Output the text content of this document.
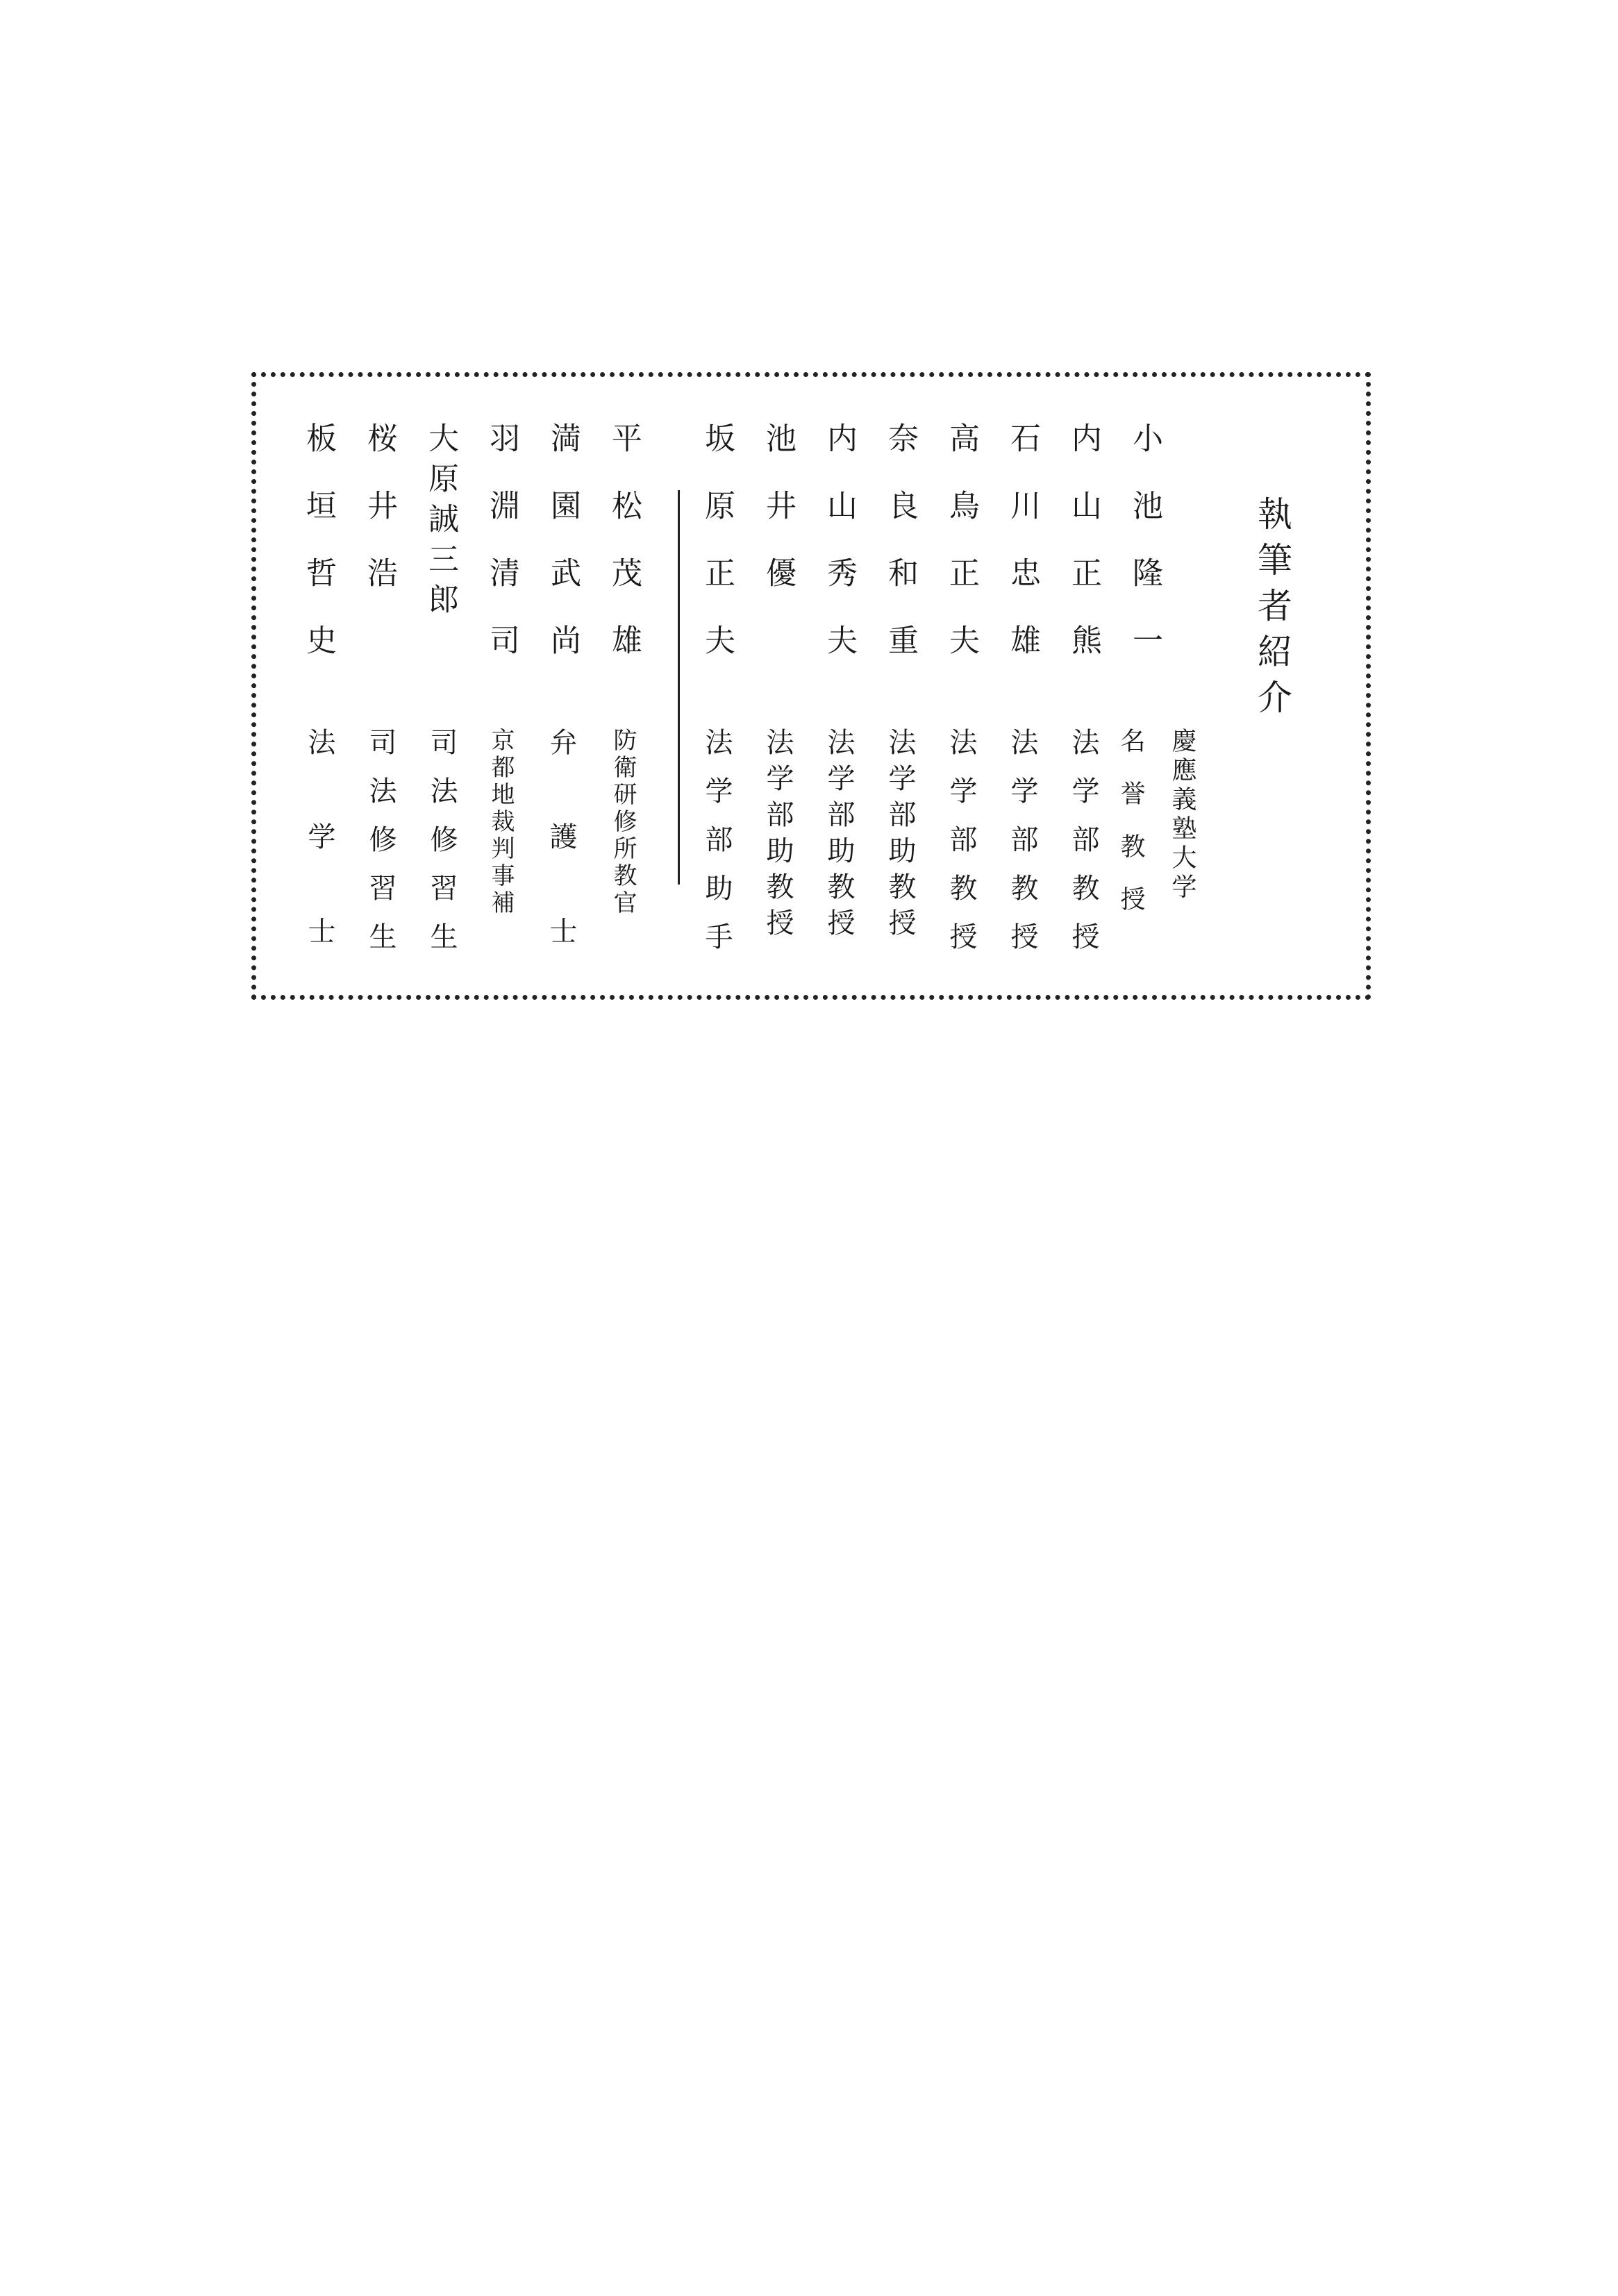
執筆者紹介
小池隆一
内山正熊
石川忠雄
高鳥正夫
奈良和重
内山秀夫
池井優
坂原正夫
慶應義塾大学
名誉教授
法学部教授
法学部教授
法学部教授
法学部助教授
法学部助教授
法学部助教授
法学部助手
平松茂雄
満園武尚
羽淵清司
大原誠三郎
桜井浩
板垣哲史
防衛研修所教官
弁護士
京都地裁判事補
司法修習生
司法修習生
法学士
